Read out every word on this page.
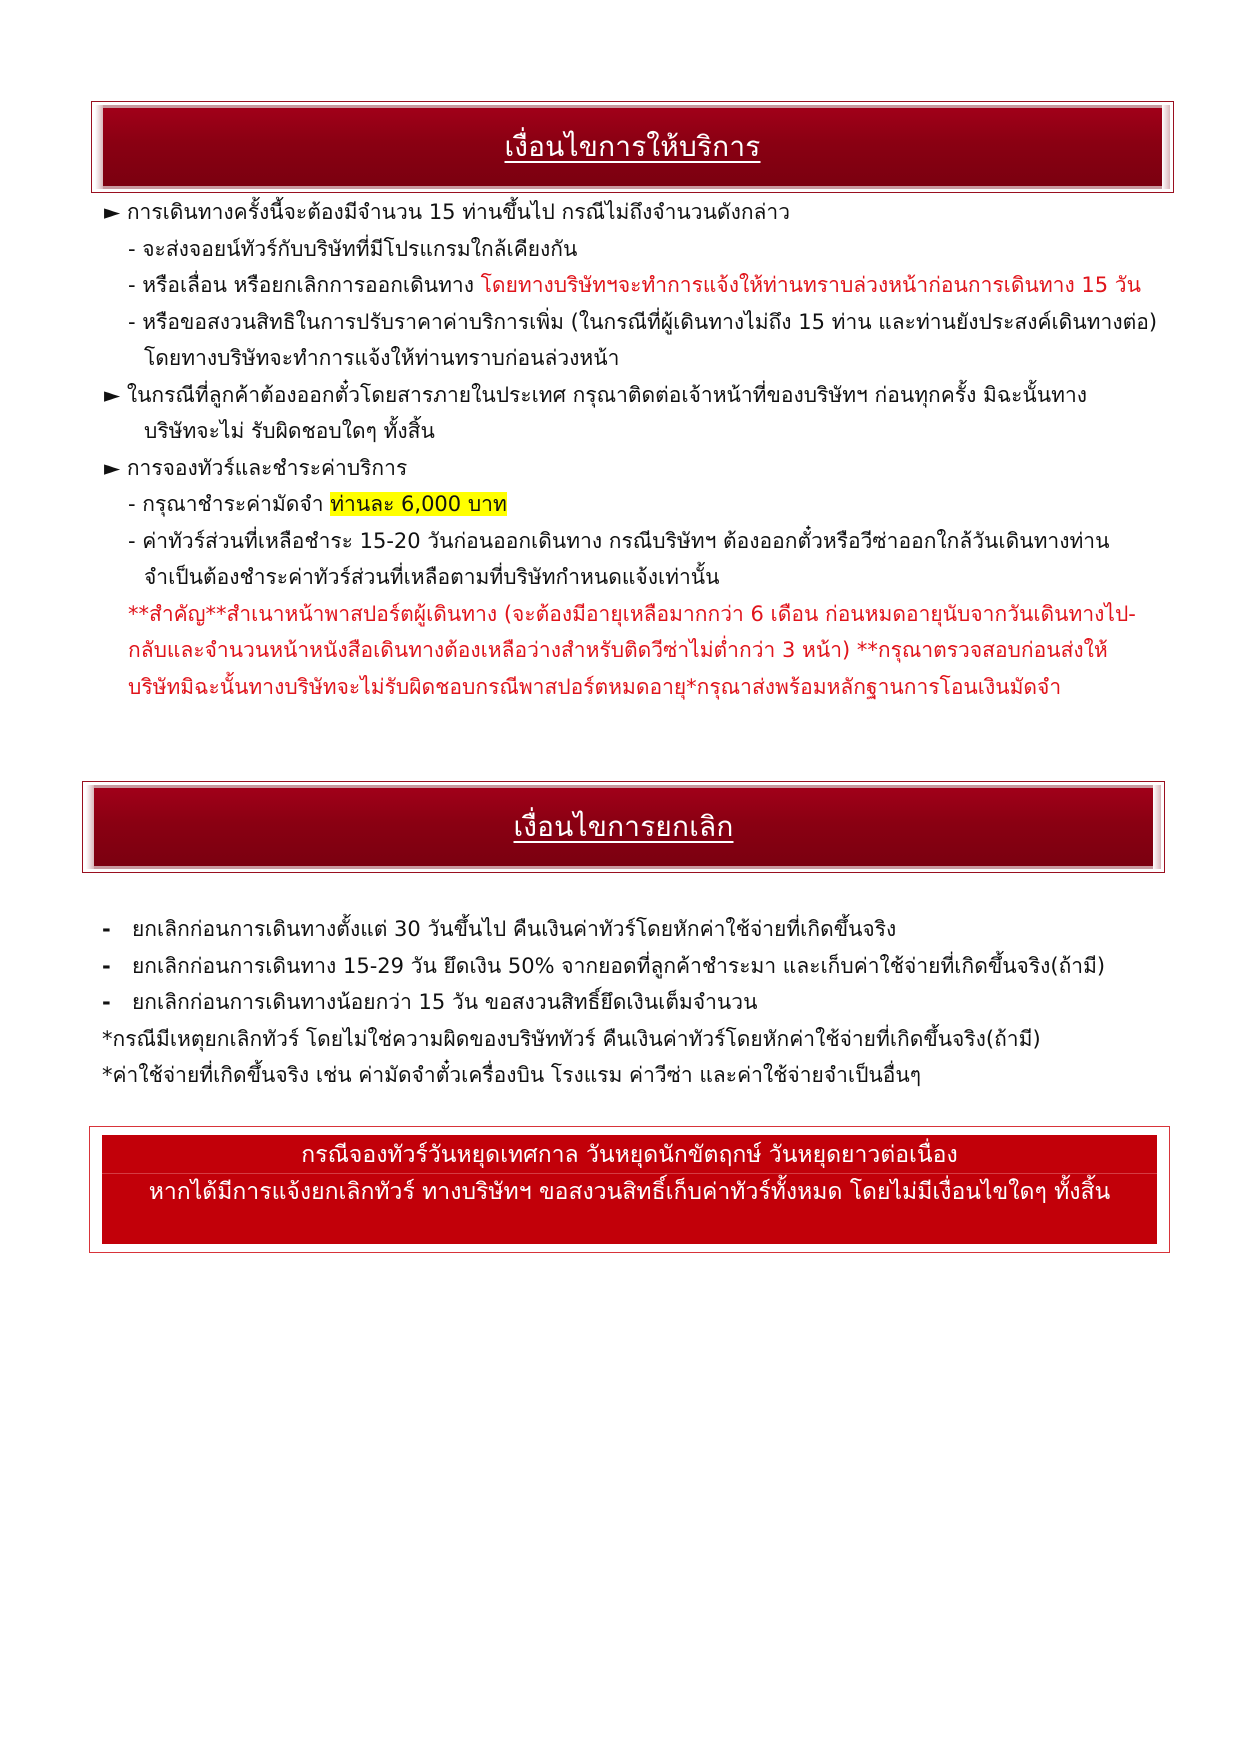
เงื่อนไขการให้บริการ
► การเดินทางครั้งนี้จะต้องมีจำนวน 15 ท่านขึ้นไป กรณีไม่ถึงจำนวนดังกล่าว
- จะส่งจอยน์ทัวร์กับบริษัทที่มีโปรแกรมใกล้เคียงกัน
- หรือเลื่อน หรือยกเลิกการออกเดินทาง โดยทางบริษัทฯจะทำการแจ้งให้ท่านทราบล่วงหน้าก่อนการเดินทาง 15 วัน
- หรือขอสงวนสิทธิในการปรับราคาค่าบริการเพิ่ม (ในกรณีที่ผู้เดินทางไม่ถึง 15 ท่าน และท่านยังประสงค์เดินทางต่อ)
โดยทางบริษัทจะทำการแจ้งให้ท่านทราบก่อนล่วงหน้า
► ในกรณีที่ลูกค้าต้องออกตั๋วโดยสารภายในประเทศ กรุณาติดต่อเจ้าหน้าที่ของบริษัทฯ ก่อนทุกครั้ง มิฉะนั้นทาง
บริษัทจะไม่ รับผิดชอบใดๆ ทั้งสิ้น
► การจองทัวร์และชำระค่าบริการ
- กรุณาชำระค่ามัดจำ ท่านละ 6,000 บาท
- ค่าทัวร์ส่วนที่เหลือชำระ 15-20 วันก่อนออกเดินทาง กรณีบริษัทฯ ต้องออกตั๋วหรือวีซ่าออกใกล้วันเดินทางท่าน
จำเป็นต้องชำระค่าทัวร์ส่วนที่เหลือตามที่บริษัทกำหนดแจ้งเท่านั้น
**สำคัญ**สำเนาหน้าพาสปอร์ตผู้เดินทาง (จะต้องมีอายุเหลือมากกว่า 6 เดือน ก่อนหมดอายุนับจากวันเดินทางไป-
กลับและจำนวนหน้าหนังสือเดินทางต้องเหลือว่างสำหรับติดวีซ่าไม่ต่ำกว่า 3 หน้า) **กรุณาตรวจสอบก่อนส่งให้
บริษัทมิฉะนั้นทางบริษัทจะไม่รับผิดชอบกรณีพาสปอร์ตหมดอายุ*กรุณาส่งพร้อมหลักฐานการโอนเงินมัดจำ
เงื่อนไขการยกเลิก
-	ยกเลิกก่อนการเดินทางตั้งแต่ 30 วันขึ้นไป คืนเงินค่าทัวร์โดยหักค่าใช้จ่ายที่เกิดขึ้นจริง
-	ยกเลิกก่อนการเดินทาง 15-29 วัน ยึดเงิน 50% จากยอดที่ลูกค้าชำระมา และเก็บค่าใช้จ่ายที่เกิดขึ้นจริง(ถ้ามี)
-	ยกเลิกก่อนการเดินทางน้อยกว่า 15 วัน ขอสงวนสิทธิ์ยึดเงินเต็มจำนวน
*กรณีมีเหตุยกเลิกทัวร์ โดยไม่ใช่ความผิดของบริษัททัวร์ คืนเงินค่าทัวร์โดยหักค่าใช้จ่ายที่เกิดขึ้นจริง(ถ้ามี)
*ค่าใช้จ่ายที่เกิดขึ้นจริง เช่น ค่ามัดจำตั๋วเครื่องบิน โรงแรม ค่าวีซ่า และค่าใช้จ่ายจำเป็นอื่นๆ
กรณีจองทัวร์วันหยุดเทศกาล วันหยุดนักขัตฤกษ์ วันหยุดยาวต่อเนื่อง
หากได้มีการแจ้งยกเลิกทัวร์ ทางบริษัทฯ ขอสงวนสิทธิ์เก็บค่าทัวร์ทั้งหมด โดยไม่มีเงื่อนไขใดๆ ทั้งสิ้น
